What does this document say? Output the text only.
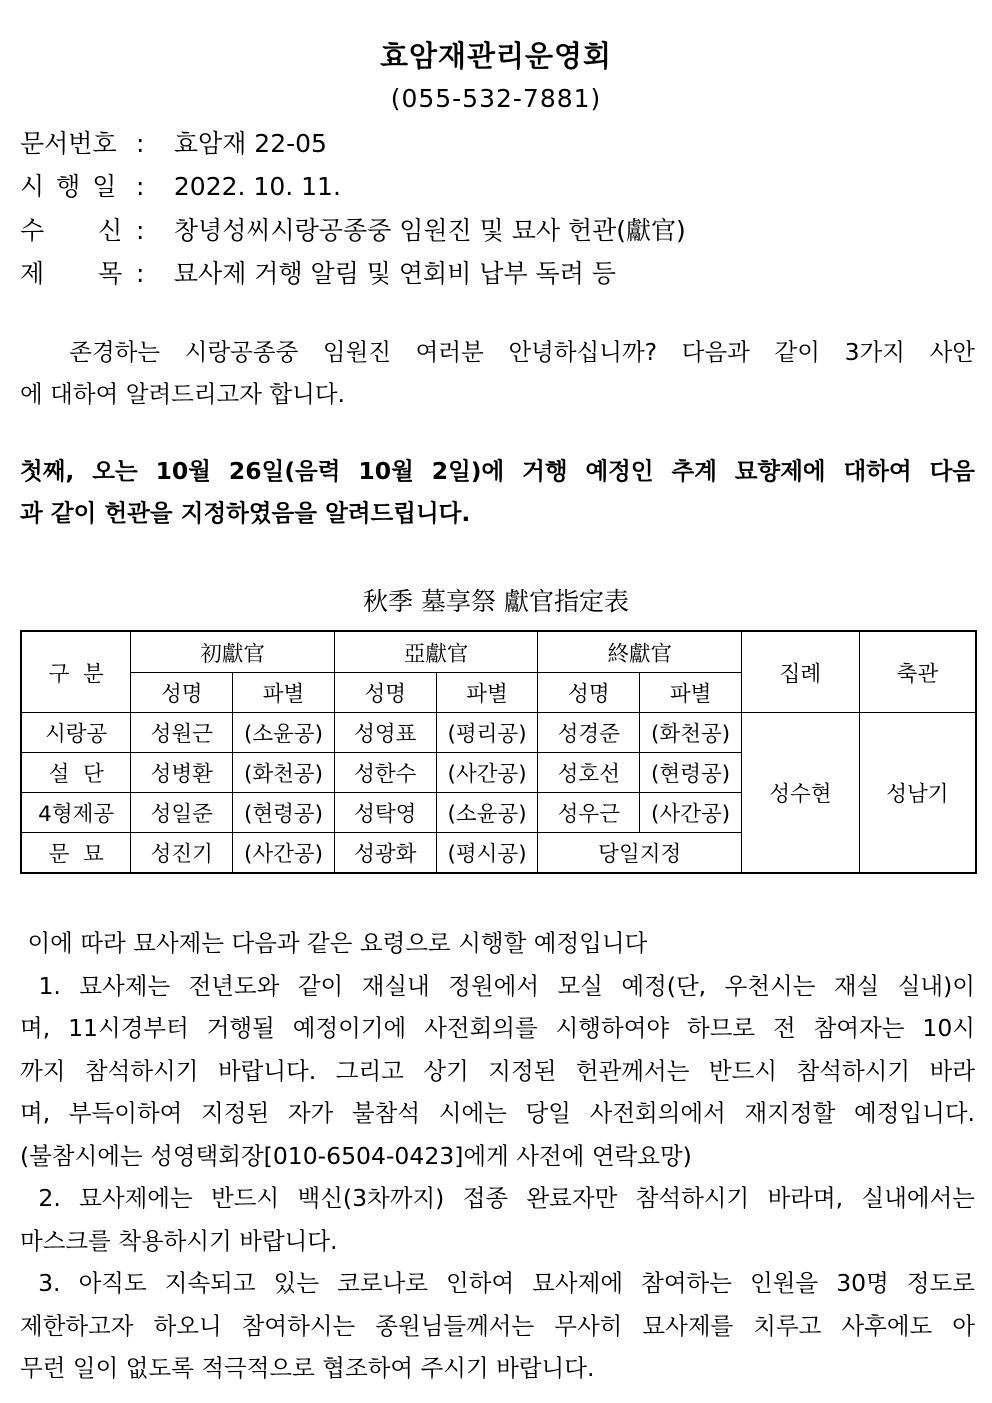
효암재관리운영회
(055-532-7881)
문서번호 : 효암재 22-05
시 행 일 : 2022. 10. 11.
수 신 : 창녕성씨시랑공종중 임원진 및 묘사 헌관(獻官)
제 목 : 묘사제 거행 알림 및 연회비 납부 독려 등
존경하는 시랑공종중 임원진 여러분 안녕하십니까? 다음과 같이 3가지 사안
에 대하여 알려드리고자 합니다.
첫째, 오는 10월 26일(음력 10월 2일)에 거행 예정인 추계 묘향제에 대하여 다음
과 같이 헌관을 지정하였음을 알려드립니다.
秋季 墓享祭 獻官指定表
구  분	初獻官		亞獻官		終獻官		집례	축관
	성명	파별	성명	파별	성명	파별		
시랑공	성원근	(소윤공)	성영표	(평리공)	성경준	(화천공)	성수현	성남기
설  단	성병환	(화천공)	성한수	(사간공)	성호선	(현령공)		
4형제공	성일준	(현령공)	성탁영	(소윤공)	성우근	(사간공)		
문  묘	성진기	(사간공)	성광화	(평시공)	당일지정			
이에 따라 묘사제는 다음과 같은 요령으로 시행할 예정입니다
1. 묘사제는 전년도와 같이 재실내 정원에서 모실 예정(단, 우천시는 재실 실내)이
며, 11시경부터 거행될 예정이기에 사전회의를 시행하여야 하므로 전 참여자는 10시
까지 참석하시기 바랍니다. 그리고 상기 지정된 헌관께서는 반드시 참석하시기 바라
며, 부득이하여 지정된 자가 불참석 시에는 당일 사전회의에서 재지정할 예정입니다.
(불참시에는 성영택회장[010-6504-0423]에게 사전에 연락요망)
2. 묘사제에는 반드시 백신(3차까지) 접종 완료자만 참석하시기 바라며, 실내에서는
마스크를 착용하시기 바랍니다.
3. 아직도 지속되고 있는 코로나로 인하여 묘사제에 참여하는 인원을 30명 정도로
제한하고자 하오니 참여하시는 종원님들께서는 무사히 묘사제를 치루고 사후에도 아
무런 일이 없도록 적극적으로 협조하여 주시기 바랍니다.
